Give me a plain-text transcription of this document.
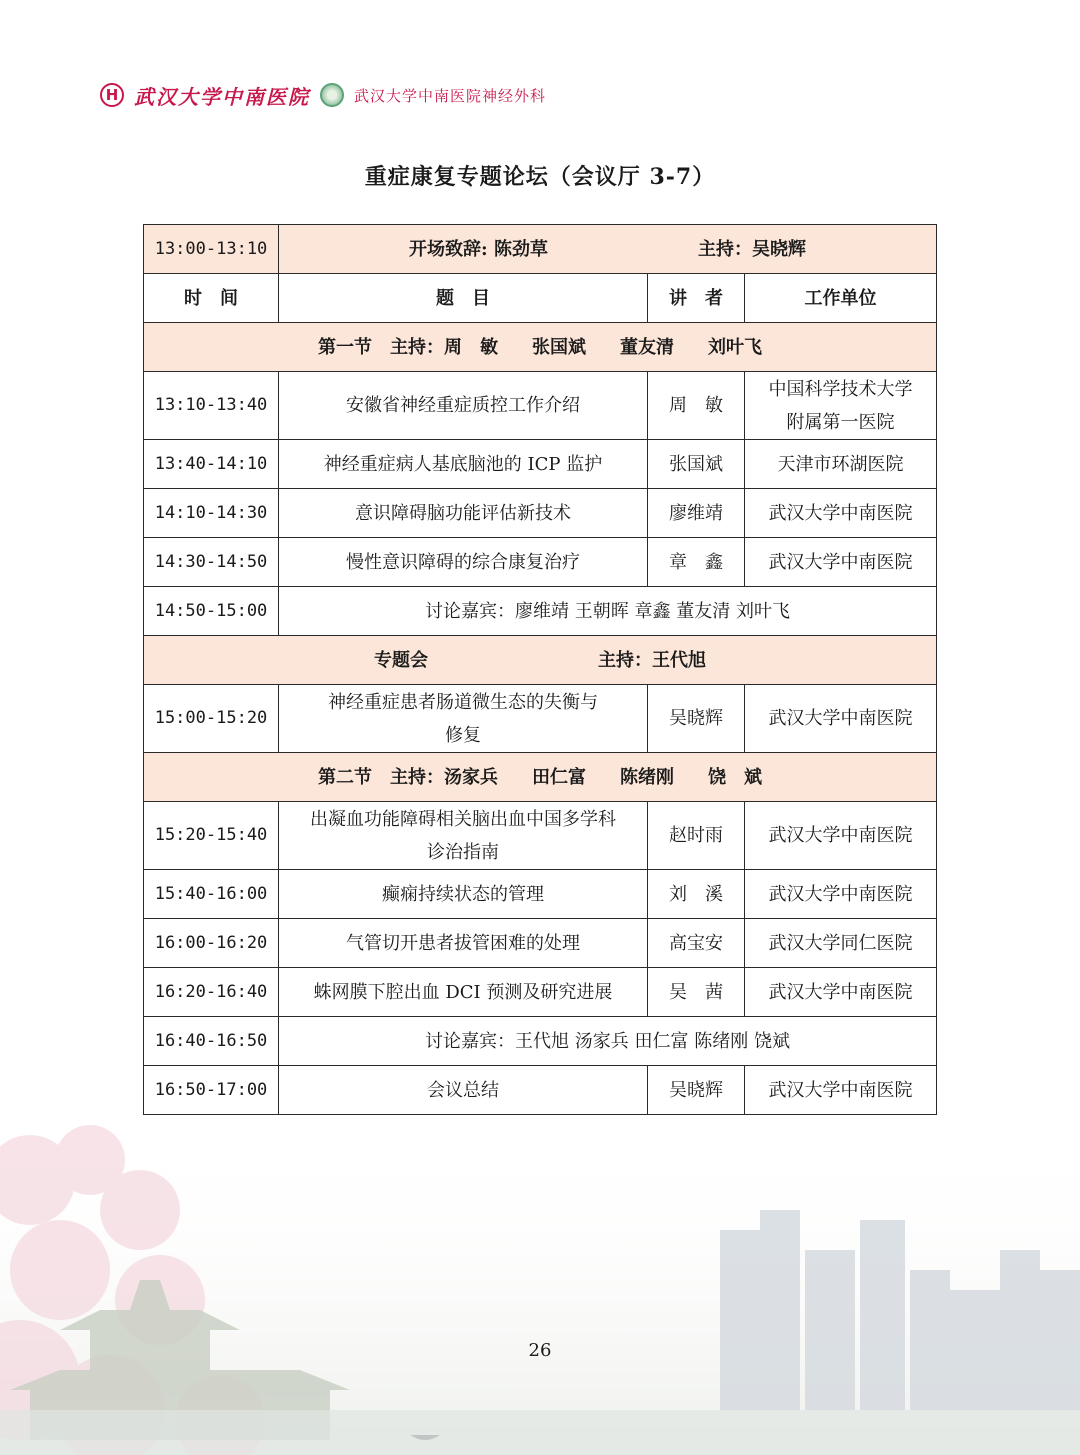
H 武汉大学中南医院	武汉大学中南医院神经外科
重症康复专题论坛（会议厅 3-7）
13:00-13:10	开场致辞: 陈劲草 主持：吴晓辉		
时　间	题　目	讲　者	工作单位
第一节　主持：周　敏 张国斌 董友清 刘叶飞			
13:10-13:40	安徽省神经重症质控工作介绍	周　敏	中国科学技术大学
附属第一医院
13:40-14:10	神经重症病人基底脑池的 ICP 监护	张国斌	天津市环湖医院
14:10-14:30	意识障碍脑功能评估新技术	廖维靖	武汉大学中南医院
14:30-14:50	慢性意识障碍的综合康复治疗	章　鑫	武汉大学中南医院
14:50-15:00	讨论嘉宾：廖维靖 王朝晖 章鑫 董友清 刘叶飞		
专题会 主持：王代旭			
15:00-15:20	神经重症患者肠道微生态的失衡与
修复	吴晓辉	武汉大学中南医院
第二节　主持：汤家兵 田仁富 陈绪刚 饶　斌			
15:20-15:40	出凝血功能障碍相关脑出血中国多学科
诊治指南	赵时雨	武汉大学中南医院
15:40-16:00	癫痫持续状态的管理	刘　溪	武汉大学中南医院
16:00-16:20	气管切开患者拔管困难的处理	高宝安	武汉大学同仁医院
16:20-16:40	蛛网膜下腔出血 DCI 预测及研究进展	吴　茜	武汉大学中南医院
16:40-16:50	讨论嘉宾：王代旭 汤家兵 田仁富 陈绪刚 饶斌		
16:50-17:00	会议总结	吴晓辉	武汉大学中南医院
26
